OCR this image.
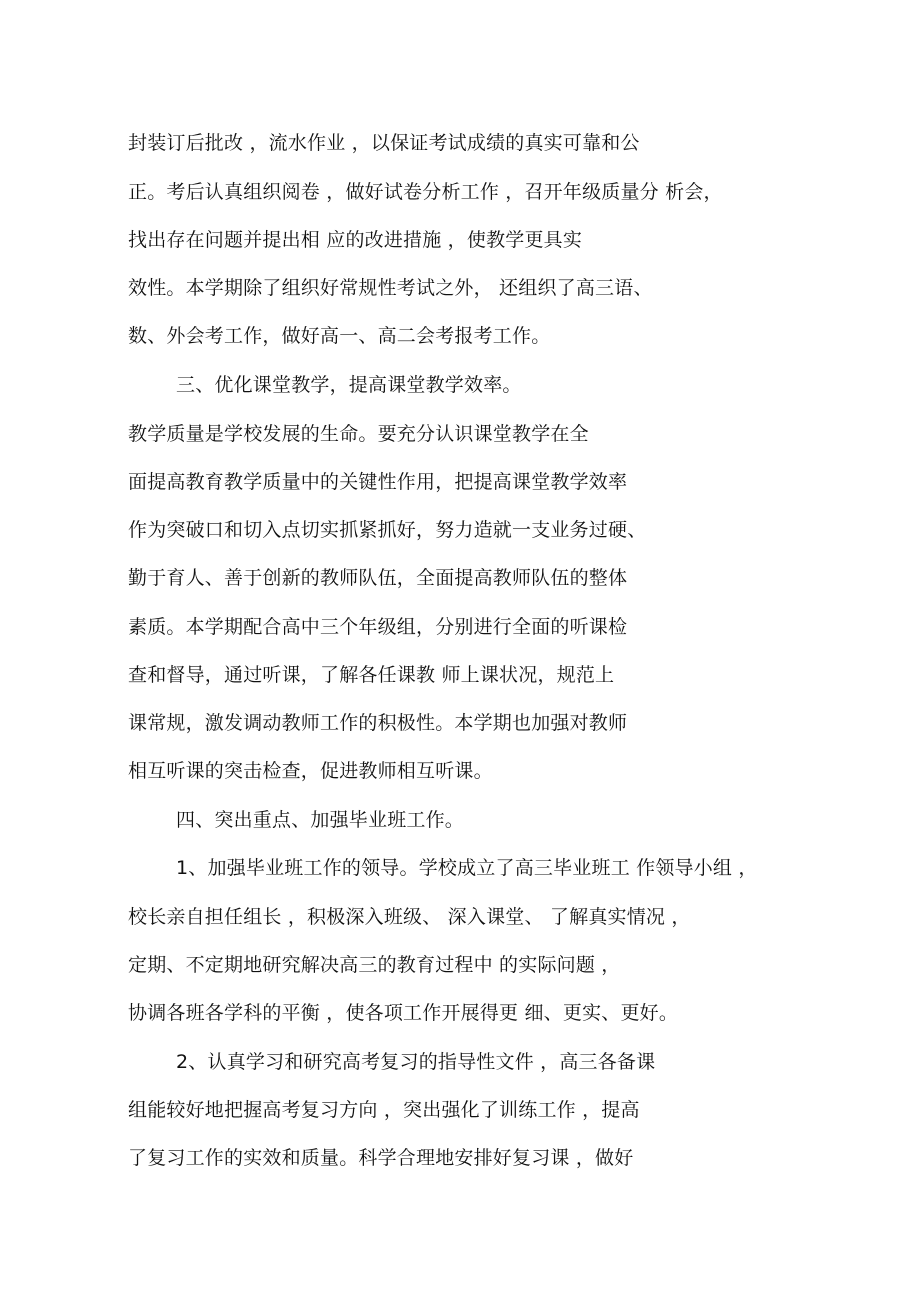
封装订后批改 ，流水作业 ，以保证考试成绩的真实可靠和公
正。考后认真组织阅卷 ，做好试卷分析工作 ，召开年级质量分 析会，
找出存在问题并提出相 应的改进措施 ，使教学更具实
效性。本学期除了组织好常规性考试之外， 还组织了高三语、
数、外会考工作，做好高一、高二会考报考工作。
三、优化课堂教学，提高课堂教学效率。
教学质量是学校发展的生命。要充分认识课堂教学在全
面提高教育教学质量中的关键性作用，把提高课堂教学效率
作为突破口和切入点切实抓紧抓好，努力造就一支业务过硬、
勤于育人、善于创新的教师队伍，全面提高教师队伍的整体
素质。本学期配合高中三个年级组，分别进行全面的听课检
查和督导，通过听课，了解各任课教 师上课状况，规范上
课常规，激发调动教师工作的积极性。本学期也加强对教师
相互听课的突击检查，促进教师相互听课。
四、突出重点、加强毕业班工作。
1、加强毕业班工作的领导。学校成立了高三毕业班工 作领导小组 ，
校长亲自担任组长 ，积极深入班级、 深入课堂、 了解真实情况 ，
定期、不定期地研究解决高三的教育过程中 的实际问题 ，
协调各班各学科的平衡 ，使各项工作开展得更 细、更实、更好。
2、认真学习和研究高考复习的指导性文件 ，高三各备课
组能较好地把握高考复习方向 ，突出强化了训练工作 ，提高
了复习工作的实效和质量。科学合理地安排好复习课 ，做好
